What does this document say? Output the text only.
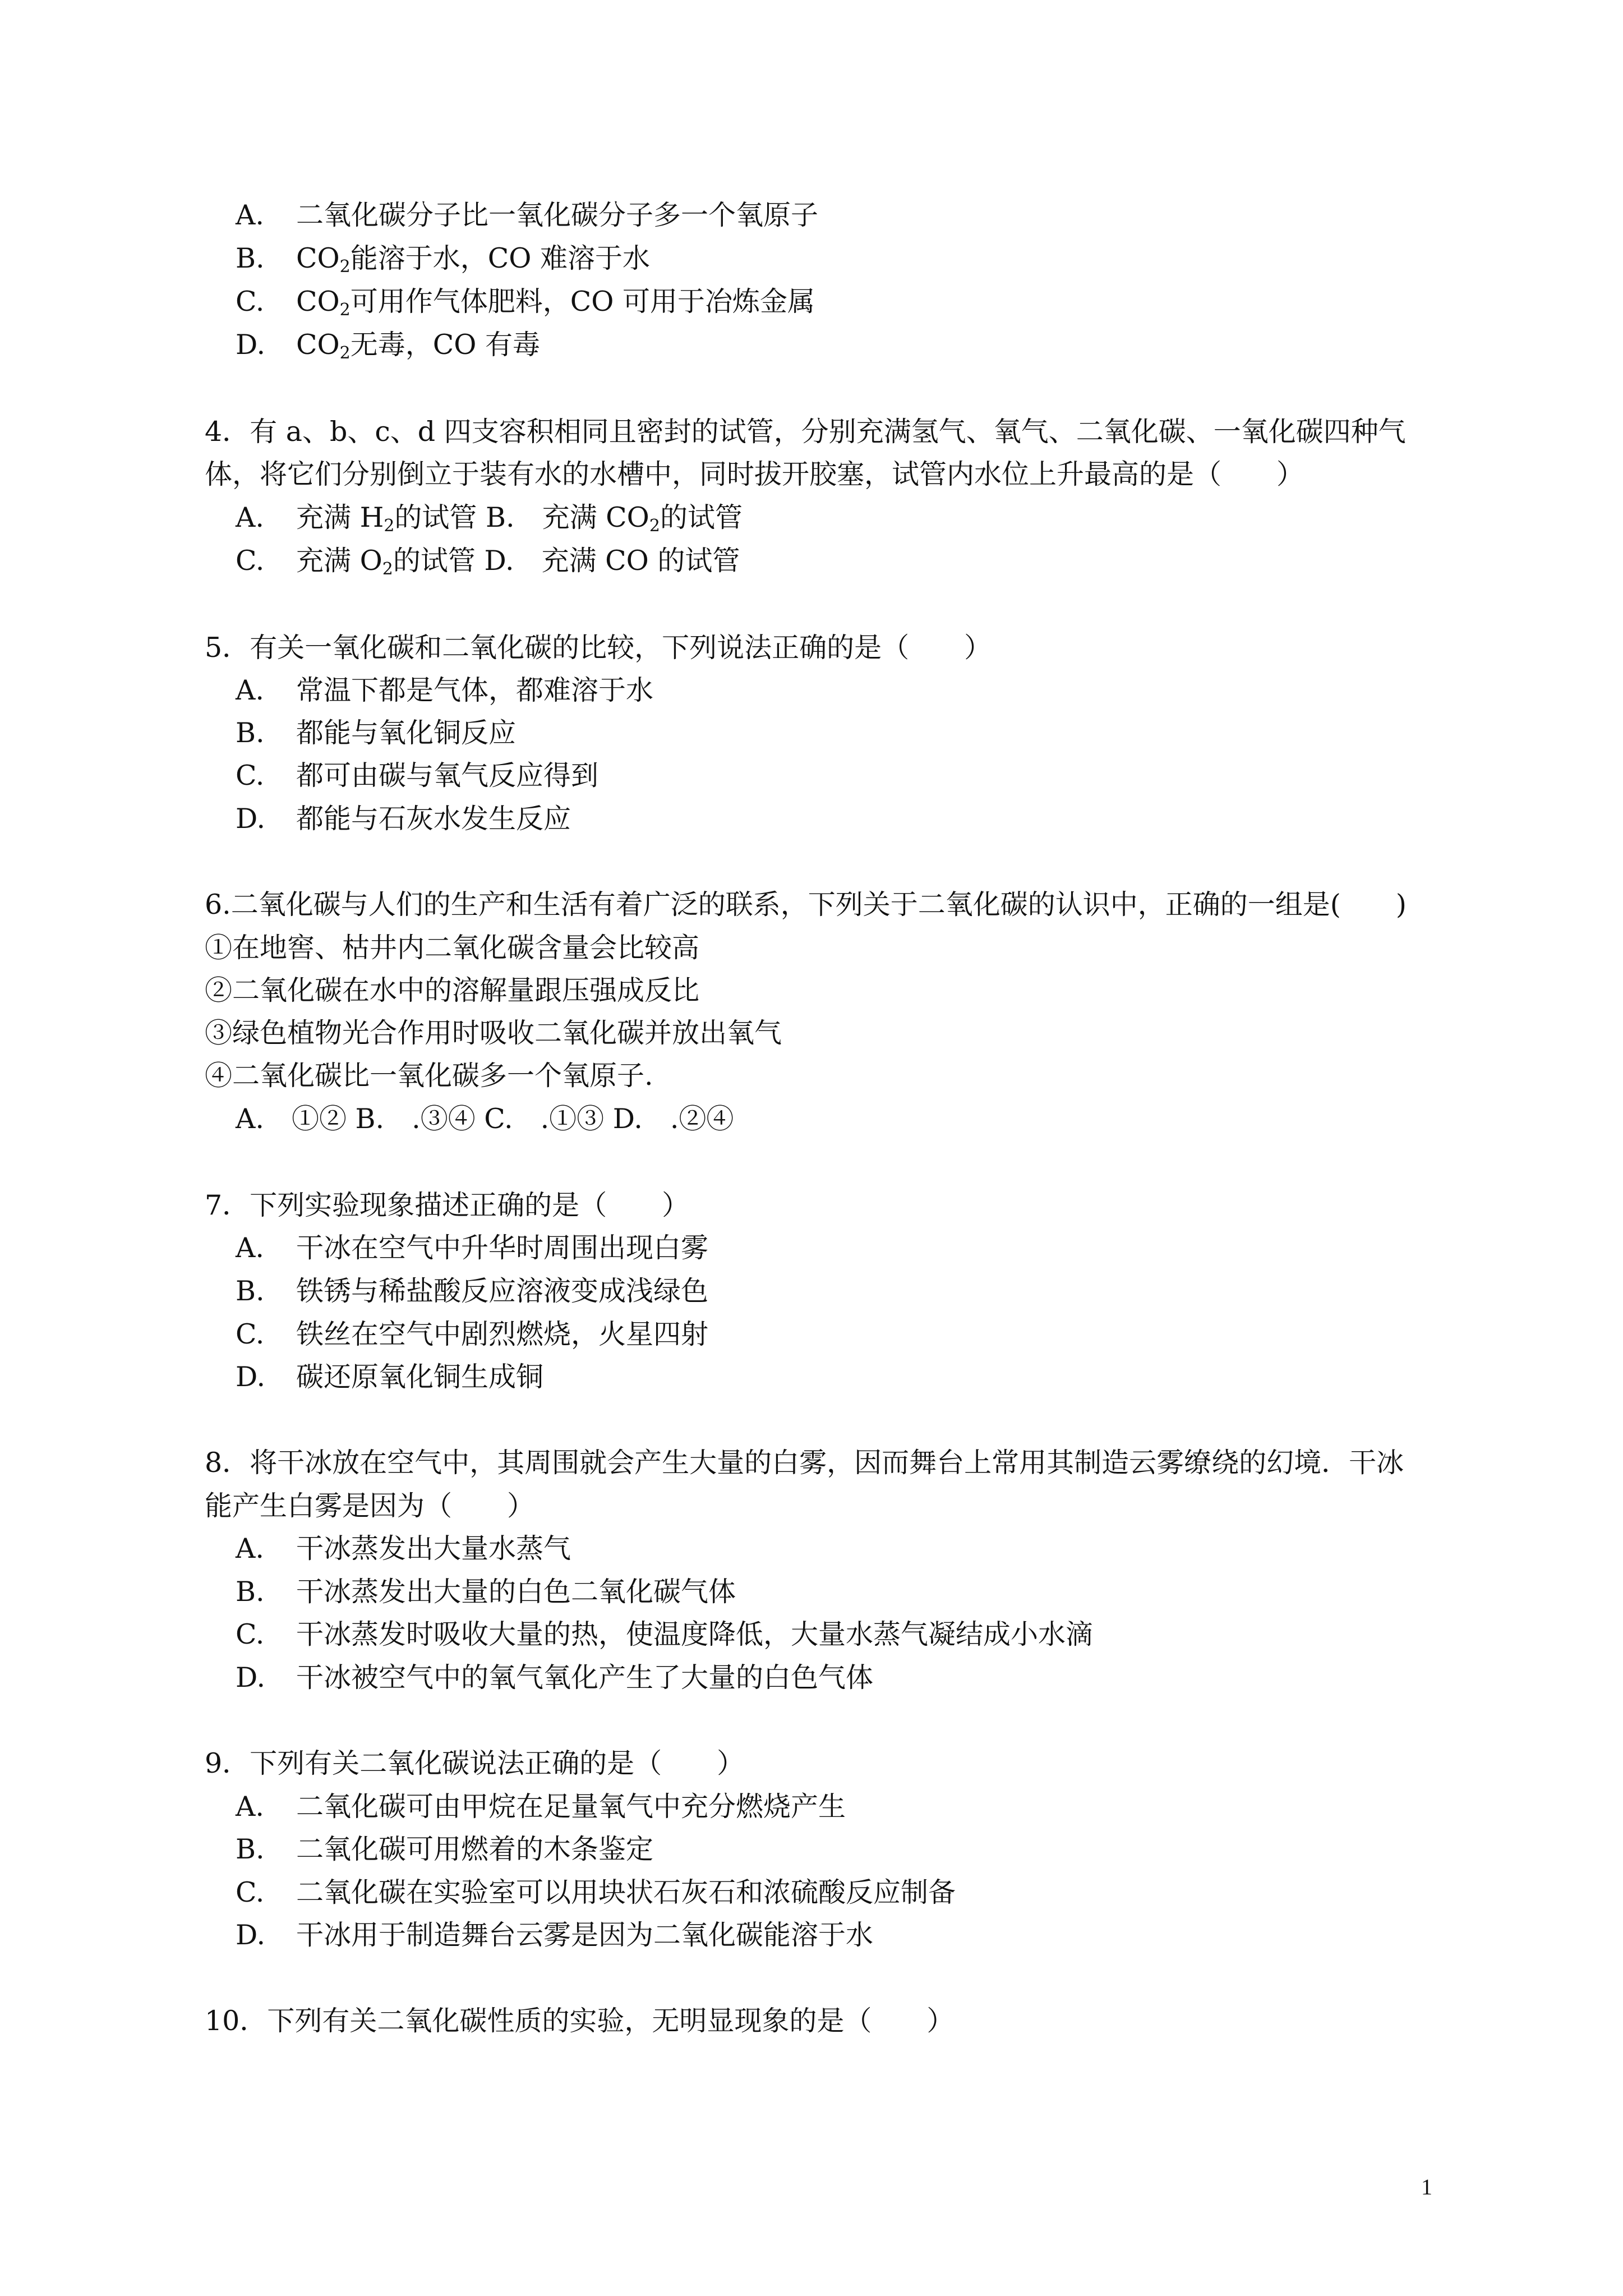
A. 二氧化碳分子比一氧化碳分子多一个氧原子
B. $CO_2$能溶于水，CO 难溶于水
C. $CO_2$可用作气体肥料，CO 可用于冶炼金属
D. $CO_2$无毒，CO 有毒
4．有 a、b、c、d 四支容积相同且密封的试管，分别充满氢气、氧气、二氧化碳、一氧化碳四种气
体，将它们分别倒立于装有水的水槽中，同时拔开胶塞，试管内水位上升最高的是（　　）
A. 充满 $H_2$的试管 B.　 充满 $CO_2$的试管
C. 充满 $O_2$的试管 D.　 充满 CO 的试管
5．有关一氧化碳和二氧化碳的比较，下列说法正确的是（　　）
A. 常温下都是气体，都难溶于水
B. 都能与氧化铜反应
C. 都可由碳与氧气反应得到
D. 都能与石灰水发生反应
6.二氧化碳与人们的生产和生活有着广泛的联系，下列关于二氧化碳的认识中，正确的一组是(　　)
①在地窖、枯井内二氧化碳含量会比较高
②二氧化碳在水中的溶解量跟压强成反比
③绿色植物光合作用时吸收二氧化碳并放出氧气
④二氧化碳比一氧化碳多一个氧原子.
A.　①② B.　.③④ C.　.①③ D.　.②④
7．下列实验现象描述正确的是（　　）
A. 干冰在空气中升华时周围出现白雾
B. 铁锈与稀盐酸反应溶液变成浅绿色
C. 铁丝在空气中剧烈燃烧，火星四射
D. 碳还原氧化铜生成铜
8．将干冰放在空气中，其周围就会产生大量的白雾，因而舞台上常用其制造云雾缭绕的幻境．干冰
能产生白雾是因为（　　）
A. 干冰蒸发出大量水蒸气
B. 干冰蒸发出大量的白色二氧化碳气体
C. 干冰蒸发时吸收大量的热，使温度降低，大量水蒸气凝结成小水滴
D. 干冰被空气中的氧气氧化产生了大量的白色气体
9．下列有关二氧化碳说法正确的是（　　）
A. 二氧化碳可由甲烷在足量氧气中充分燃烧产生
B. 二氧化碳可用燃着的木条鉴定
C. 二氧化碳在实验室可以用块状石灰石和浓硫酸反应制备
D. 干冰用于制造舞台云雾是因为二氧化碳能溶于水
10．下列有关二氧化碳性质的实验，无明显现象的是（　　）
1
